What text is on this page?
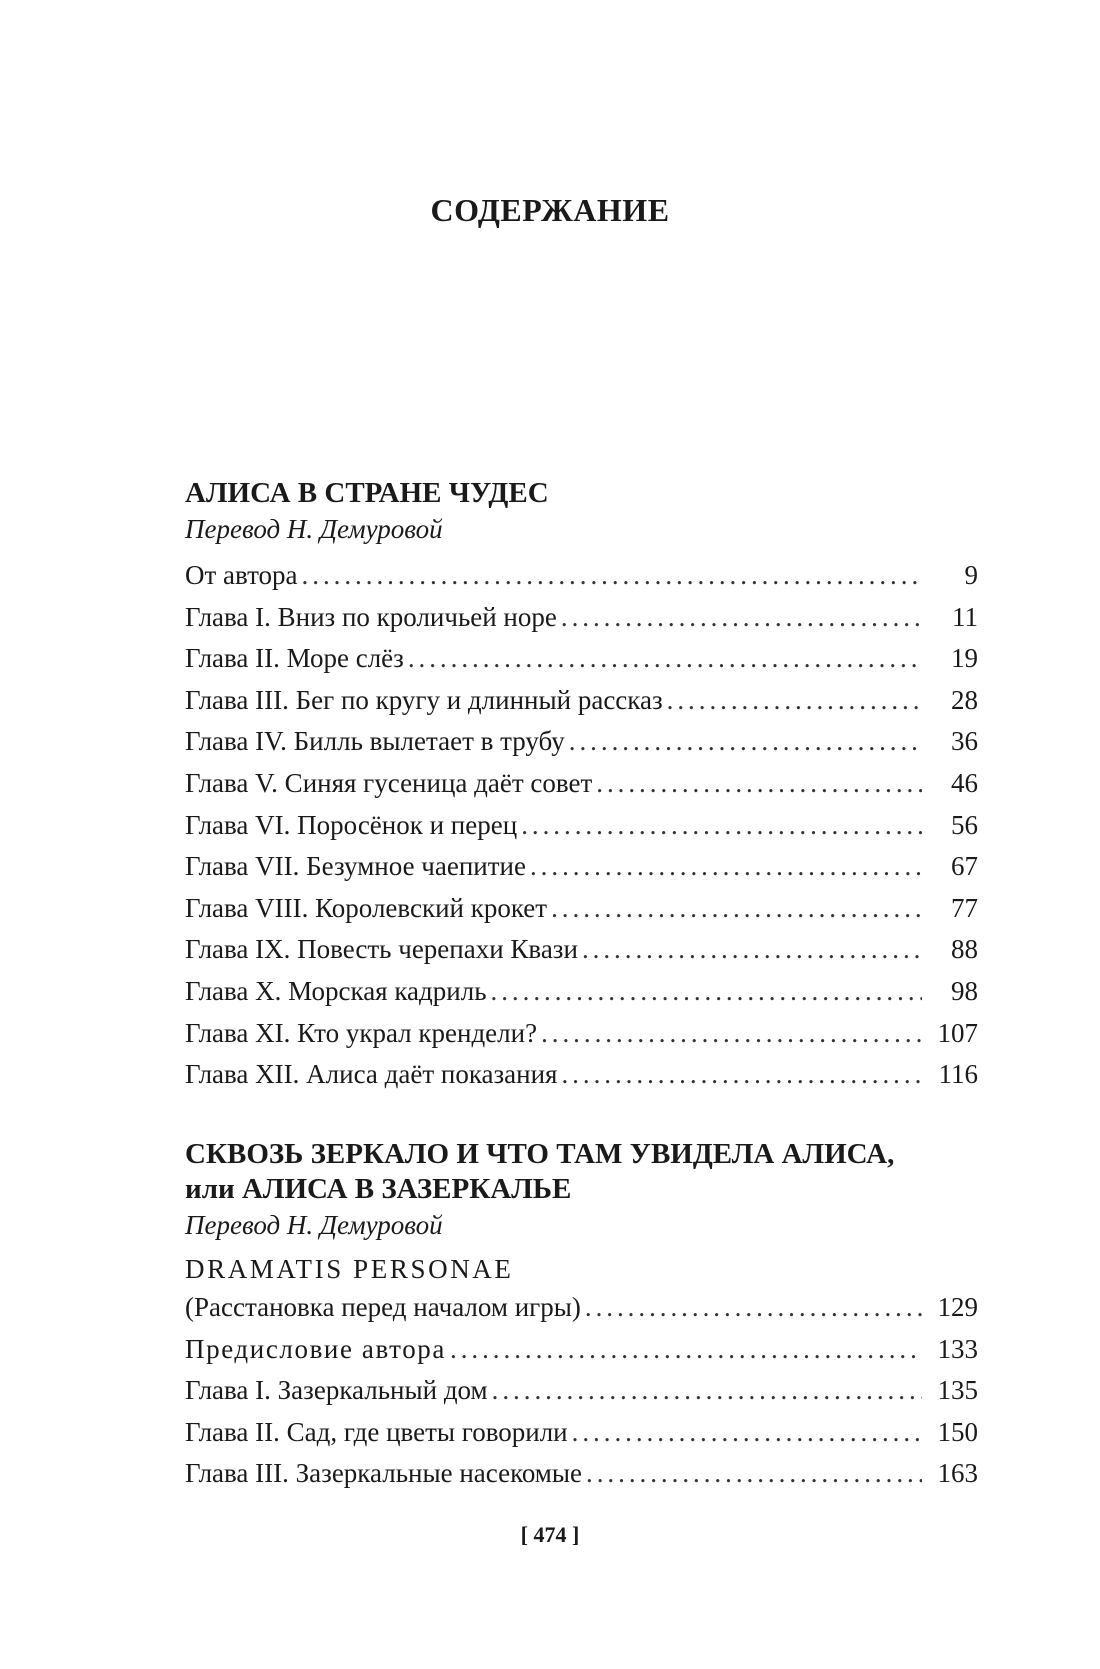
СОДЕРЖАНИЕ
АЛИСА В СТРАНЕ ЧУДЕС
Перевод Н. Демуровой
От автора . . .	9
Глава I. Вниз по кроличьей норе . . .	11
Глава II. Море слёз . . .	19
Глава III. Бег по кругу и длинный рассказ . . .	28
Глава IV. Билль вылетает в трубу . . .	36
Глава V. Синяя гусеница даёт совет . . .	46
Глава VI. Поросёнок и перец . . .	56
Глава VII. Безумное чаепитие . . .	67
Глава VIII. Королевский крокет . . .	77
Глава IX. Повесть черепахи Квази . . .	88
Глава X. Морская кадриль . . .	98
Глава XI. Кто украл крендели? . . .	107
Глава XII. Алиса даёт показания . . .	116
СКВОЗЬ ЗЕРКАЛО И ЧТО ТАМ УВИДЕЛА АЛИСА,
или АЛИСА В ЗАЗЕРКАЛЬЕ
Перевод Н. Демуровой
DRAMATIS PERSONAE
(Расстановка перед началом игры) . . .	129
Предисловие автора . . .	133
Глава I. Зазеркальный дом . . .	135
Глава II. Сад, где цветы говорили . . .	150
Глава III. Зазеркальные насекомые . . .	163
[ 474 ]
